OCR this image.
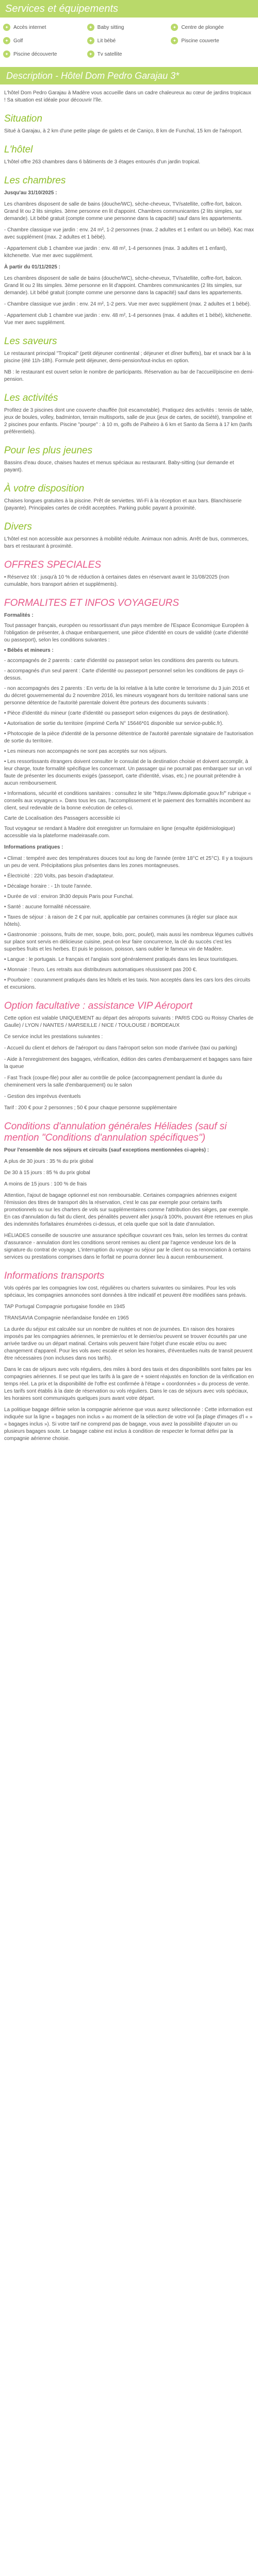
Services et équipements
✦ Accès internet	✦ Baby sitting	✦ Centre de plongée
✦ Golf	✦ Lit bébé	✦ Piscine couverte
✦ Piscine découverte	✦ Tv satellite
Description - Hôtel Dom Pedro Garajau 3*

L'hôtel Dom Pedro Garajau à Madère vous accueille dans un cadre chaleureux au cœur de jardins tropicaux ! Sa situation est idéale pour découvrir l'île.

Situation

Situé à Garajau, à 2 km d'une petite plage de galets et de Caniço, 8 km de Funchal, 15 km de l'aéroport.

L'hôtel

L'hôtel offre 263 chambres dans 6 bâtiments de 3 étages entourés d'un jardin tropical.

Les chambres

Jusqu'au 31/10/2025 :

Les chambres disposent de salle de bains (douche/WC), sèche-cheveux, TV/satellite, coffre-fort, balcon. Grand lit ou 2 lits simples. 3ème personne en lit d'appoint. Chambres communicantes (2 lits simples, sur demande). Lit bébé gratuit (compte comme une personne dans la capacité) sauf dans les appartements.

- Chambre classique vue jardin : env. 24 m², 1-2 personnes (max. 2 adultes et 1 enfant ou un bébé). Kac max avec supplément (max. 2 adultes et 1 bébé).

- Appartement club 1 chambre vue jardin : env. 48 m², 1-4 personnes (max. 3 adultes et 1 enfant), kitchenette. Vue mer avec supplément.

À partir du 01/11/2025 :

Les chambres disposent de salle de bains (douche/WC), sèche-cheveux, TV/satellite, coffre-fort, balcon. Grand lit ou 2 lits simples. 3ème personne en lit d'appoint. Chambres communicantes (2 lits simples, sur demande). Lit bébé gratuit (compte comme une personne dans la capacité) sauf dans les appartements.

- Chambre classique vue jardin : env. 24 m², 1-2 pers. Vue mer avec supplément (max. 2 adultes et 1 bébé).

- Appartement club 1 chambre vue jardin : env. 48 m², 1-4 personnes (max. 4 adultes et 1 bébé), kitchenette. Vue mer avec supplément.

Les saveurs

Le restaurant principal "Tropical" (petit déjeuner continental ; déjeuner et dîner buffets), bar et snack bar à la piscine (été 11h-18h). Formule petit déjeuner, demi-pension/tout-inclus en option.

NB : le restaurant est ouvert selon le nombre de participants. Réservation au bar de l'accueil/piscine en demi-pension.

Les activités

Profitez de 3 piscines dont une couverte chauffée (toit escamotable). Pratiquez des activités : tennis de table, jeux de boules, volley, badminton, terrain multisports, salle de jeux (jeux de cartes, de société), trampoline et 2 piscines pour enfants. Piscine "pourpe" : à 10 m, golfs de Palheiro à 6 km et Santo da Serra à 17 km (tarifs préférentiels).

Pour les plus jeunes

Bassins d'eau douce, chaises hautes et menus spéciaux au restaurant. Baby-sitting (sur demande et payant).

À votre disposition

Chaises longues gratuites à la piscine. Prêt de serviettes. Wi-Fi à la réception et aux bars. Blanchisserie (payante). Principales cartes de crédit acceptées. Parking public payant à proximité.

Divers

L'hôtel est non accessible aux personnes à mobilité réduite. Animaux non admis. Arrêt de bus, commerces, bars et restaurant à proximité.

OFFRES SPECIALES

• Réservez tôt : jusqu'à 10 % de réduction à certaines dates en réservant avant le 31/08/2025 (non cumulable, hors transport aérien et suppléments).

FORMALITES ET INFOS VOYAGEURS
Formalités :
Tout passager français, européen ou ressortissant d'un pays membre de l'Espace Économique Européen à l'obligation de présenter, à chaque embarquement, une pièce d'identité en cours de validité (carte d'identité ou passeport), selon les conditions suivantes :
• Bébés et mineurs :
- accompagnés de 2 parents : carte d'identité ou passeport selon les conditions des parents ou tuteurs.
- accompagnés d'un seul parent : Carte d'identité ou passeport personnel selon les conditions de pays ci-dessus.
- non accompagnés des 2 parents : En vertu de la loi relative à la lutte contre le terrorisme du 3 juin 2016 et du décret gouvernemental du 2 novembre 2016, les mineurs voyageant hors du territoire national sans une personne détentrice de l'autorité parentale doivent être porteurs des documents suivants :
• Pièce d'identité du mineur (carte d'identité ou passeport selon exigences du pays de destination).
• Autorisation de sortie du territoire (imprimé Cerfa N° 15646*01 disponible sur service-public.fr).
• Photocopie de la pièce d'identité de la personne détentrice de l'autorité parentale signataire de l'autorisation de sortie du territoire.
• Les mineurs non accompagnés ne sont pas acceptés sur nos séjours.
• Les ressortissants étrangers doivent consulter le consulat de la destination choisie et doivent accomplir, à leur charge, toute formalité spécifique les concernant. Un passager qui ne pourrait pas embarquer sur un vol faute de présenter les documents exigés (passeport, carte d'identité, visas, etc.) ne pourrait prétendre à aucun remboursement.
• Informations, sécurité et conditions sanitaires : consultez le site "https://www.diplomatie.gouv.fr/" rubrique « conseils aux voyageurs ». Dans tous les cas, l'accomplissement et le paiement des formalités incombent au client, seul redevable de la bonne exécution de celles-ci.
Carte de Localisation des Passagers accessible ici
Tout voyageur se rendant à Madère doit enregistrer un formulaire en ligne (enquête épidémiologique) accessible via la plateforme madeirasafe.com.

Informations pratiques :

• Climat : tempéré avec des températures douces tout au long de l'année (entre 18°C et 25°C). Il y a toujours un peu de vent. Précipitations plus présentes dans les zones montagneuses.
• Électricité : 220 Volts, pas besoin d'adaptateur.
• Décalage horaire : - 1h toute l'année.
• Durée de vol : environ 3h30 depuis Paris pour Funchal.
• Santé : aucune formalité nécessaire.
• Taxes de séjour : à raison de 2 € par nuit, applicable par certaines communes (à régler sur place aux hôtels).
• Gastronomie : poissons, fruits de mer, soupe, bolo, porc, poulet), mais aussi les nombreux légumes cultivés sur place sont servis en délicieuse cuisine, peut-on leur faire concurrence, la clé du succès c'est les superbes fruits et les herbes. Et puis le poisson, poisson, sans oublier le fameux vin de Madère.
• Langue : le portugais. Le français et l'anglais sont généralement pratiqués dans les lieux touristiques.
• Monnaie : l'euro. Les retraits aux distributeurs automatiques réussissent pas 200 €.
• Pourboire : couramment pratiqués dans les hôtels et les taxis. Non acceptés dans les cars lors des circuits et excursions.
Option facultative : assistance VIP Aéroport

Cette option est valable UNIQUEMENT au départ des aéroports suivants : PARIS CDG ou Roissy Charles de Gaulle) / LYON / NANTES / MARSEILLE / NICE / TOULOUSE / BORDEAUX

Ce service inclut les prestations suivantes :

- Accueil du client et dehors de l'aéroport ou dans l'aéroport selon son mode d'arrivée (taxi ou parking)

- Aide à l'enregistrement des bagages, vérification, édition des cartes d'embarquement et bagages sans faire la queue

- Fast Track (coupe-file) pour aller au contrôle de police (accompagnement pendant la durée du cheminement vers la salle d'embarquement) ou le salon

- Gestion des imprévus éventuels

Tarif : 200 € pour 2 personnes ; 50 € pour chaque personne supplémentaire

Conditions d'annulation générales Héliades (sauf si mention "Conditions d'annulation spécifiques")

Pour l'ensemble de nos séjours et circuits (sauf exceptions mentionnées ci-après) :

A plus de 30 jours : 35 % du prix global

De 30 à 15 jours : 85 % du prix global

A moins de 15 jours : 100 % de frais

Attention, l'ajout de bagage optionnel est non remboursable. Certaines compagnies aériennes exigent l'émission des titres de transport dès la réservation, c'est le cas par exemple pour certains tarifs promotionnels ou sur les charters de vols sur supplémentaires comme l'attribution des sièges, par exemple. En cas d'annulation du fait du client, des pénalités peuvent aller jusqu'à 100%, pouvant être retenues en plus des indemnités forfaitaires énumérées ci-dessus, et cela quelle que soit la date d'annulation.

HÉLIADES conseille de souscrire une assurance spécifique couvrant ces frais, selon les termes du contrat d'assurance - annulation dont les conditions seront remises au client par l'agence vendeuse lors de la signature du contrat de voyage. L'interruption du voyage ou séjour par le client ou sa renonciation à certains services ou prestations comprises dans le forfait ne pourra donner lieu à aucun remboursement.

Informations transports

Vols opérés par les compagnies low cost, régulières ou charters suivantes ou similaires. Pour les vols spéciaux, les compagnies annoncées sont données à titre indicatif et peuvent être modifiées sans préavis.

TAP Portugal Compagnie portugaise fondée en 1945

TRANSAVIA Compagnie néerlandaise fondée en 1965

La durée du séjour est calculée sur un nombre de nuitées et non de journées. En raison des horaires imposés par les compagnies aériennes, le premier/ou et le dernier/ou peuvent se trouver écourtés par une arrivée tardive ou un départ matinal. Certains vols peuvent faire l'objet d'une escale et/ou ou avec changement d'appareil. Pour les vols avec escale et selon les horaires, d'éventuelles nuits de transit peuvent être nécessaires (non incluses dans nos tarifs).

Dans le cas de séjours avec vols réguliers, des miles à bord des taxis et des disponibilités sont faites par les compagnies aériennes. Il se peut que les tarifs à la gare de + soient réajustés en fonction de la vérification en temps réel. La prix et la disponibilité de l'offre est confirmée à l'étape « coordonnées » du process de vente. Les tarifs sont établis à la date de réservation ou vols réguliers. Dans le cas de séjours avec vols spéciaux, les horaires sont communiqués quelques jours avant votre départ.

La politique bagage définie selon la compagnie aérienne que vous aurez sélectionnée : Cette information est indiquée sur la ligne « bagages non inclus » au moment de la sélection de votre vol (la plage d'images d'l « » « bagages inclus »). Si votre tarif ne comprend pas de bagage, vous avez la possibilité d'ajouter un ou plusieurs bagages soute. Le bagage cabine est inclus à condition de respecter le format défini par la compagnie aérienne choisie.
